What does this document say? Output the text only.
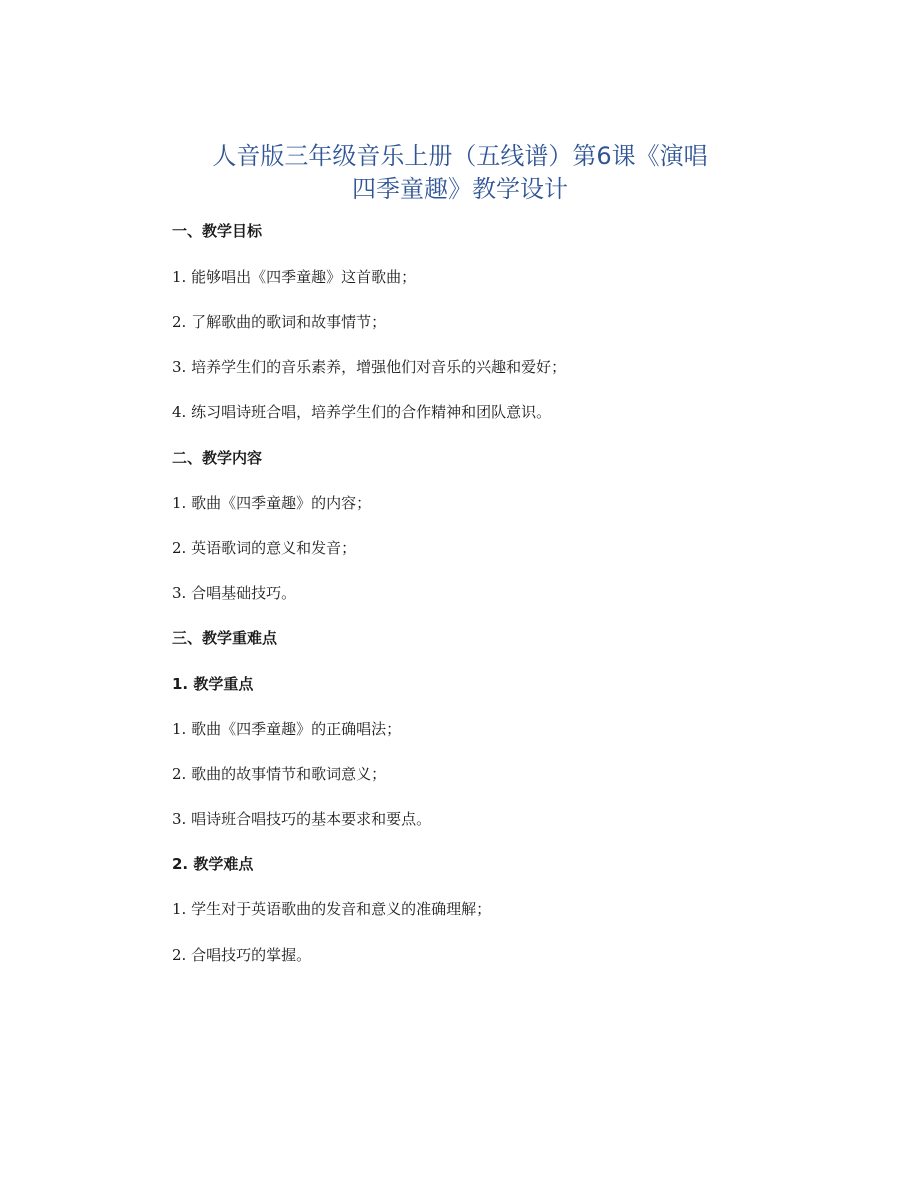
人音版三年级音乐上册（五线谱）第6课《演唱
四季童趣》教学设计
一、教学目标
1. 能够唱出《四季童趣》这首歌曲；
2. 了解歌曲的歌词和故事情节；
3. 培养学生们的音乐素养，增强他们对音乐的兴趣和爱好；
4. 练习唱诗班合唱，培养学生们的合作精神和团队意识。
二、教学内容
1. 歌曲《四季童趣》的内容；
2. 英语歌词的意义和发音；
3. 合唱基础技巧。
三、教学重难点
1. 教学重点
1. 歌曲《四季童趣》的正确唱法；
2. 歌曲的故事情节和歌词意义；
3. 唱诗班合唱技巧的基本要求和要点。
2. 教学难点
1. 学生对于英语歌曲的发音和意义的准确理解；
2. 合唱技巧的掌握。
